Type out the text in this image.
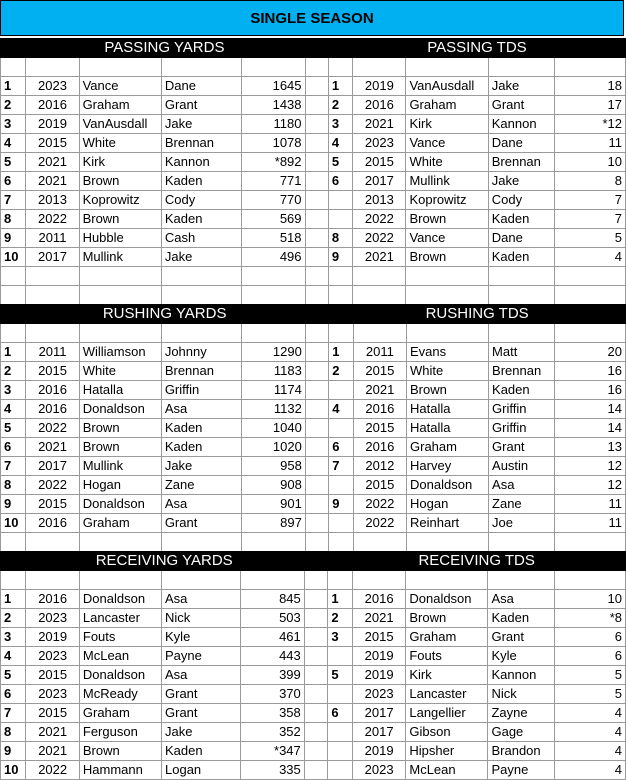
SINGLE SEASON
PASSING YARDS						PASSING TDS				

1	2023	Vance	Dane	1645		1	2019	VanAusdall	Jake	18
2	2016	Graham	Grant	1438		2	2016	Graham	Grant	17
3	2019	VanAusdall	Jake	1180		3	2021	Kirk	Kannon	*12
4	2015	White	Brennan	1078		4	2023	Vance	Dane	11
5	2021	Kirk	Kannon	*892		5	2015	White	Brennan	10
6	2021	Brown	Kaden	771		6	2017	Mullink	Jake	8
7	2013	Koprowitz	Cody	770			2013	Koprowitz	Cody	7
8	2022	Brown	Kaden	569			2022	Brown	Kaden	7
9	2011	Hubble	Cash	518		8	2022	Vance	Dane	5
10	2017	Mullink	Jake	496		9	2021	Brown	Kaden	4

RUSHING YARDS						RUSHING TDS				

1	2011	Williamson	Johnny	1290		1	2011	Evans	Matt	20
2	2015	White	Brennan	1183		2	2015	White	Brennan	16
3	2016	Hatalla	Griffin	1174			2021	Brown	Kaden	16
4	2016	Donaldson	Asa	1132		4	2016	Hatalla	Griffin	14
5	2022	Brown	Kaden	1040			2015	Hatalla	Griffin	14
6	2021	Brown	Kaden	1020		6	2016	Graham	Grant	13
7	2017	Mullink	Jake	958		7	2012	Harvey	Austin	12
8	2022	Hogan	Zane	908			2015	Donaldson	Asa	12
9	2015	Donaldson	Asa	901		9	2022	Hogan	Zane	11
10	2016	Graham	Grant	897			2022	Reinhart	Joe	11

RECEIVING YARDS						RECEIVING TDS				

1	2016	Donaldson	Asa	845		1	2016	Donaldson	Asa	10
2	2023	Lancaster	Nick	503		2	2021	Brown	Kaden	*8
3	2019	Fouts	Kyle	461		3	2015	Graham	Grant	6
4	2023	McLean	Payne	443			2019	Fouts	Kyle	6
5	2015	Donaldson	Asa	399		5	2019	Kirk	Kannon	5
6	2023	McReady	Grant	370			2023	Lancaster	Nick	5
7	2015	Graham	Grant	358		6	2017	Langellier	Zayne	4
8	2021	Ferguson	Jake	352			2017	Gibson	Gage	4
9	2021	Brown	Kaden	*347			2019	Hipsher	Brandon	4
10	2022	Hammann	Logan	335			2023	McLean	Payne	4
